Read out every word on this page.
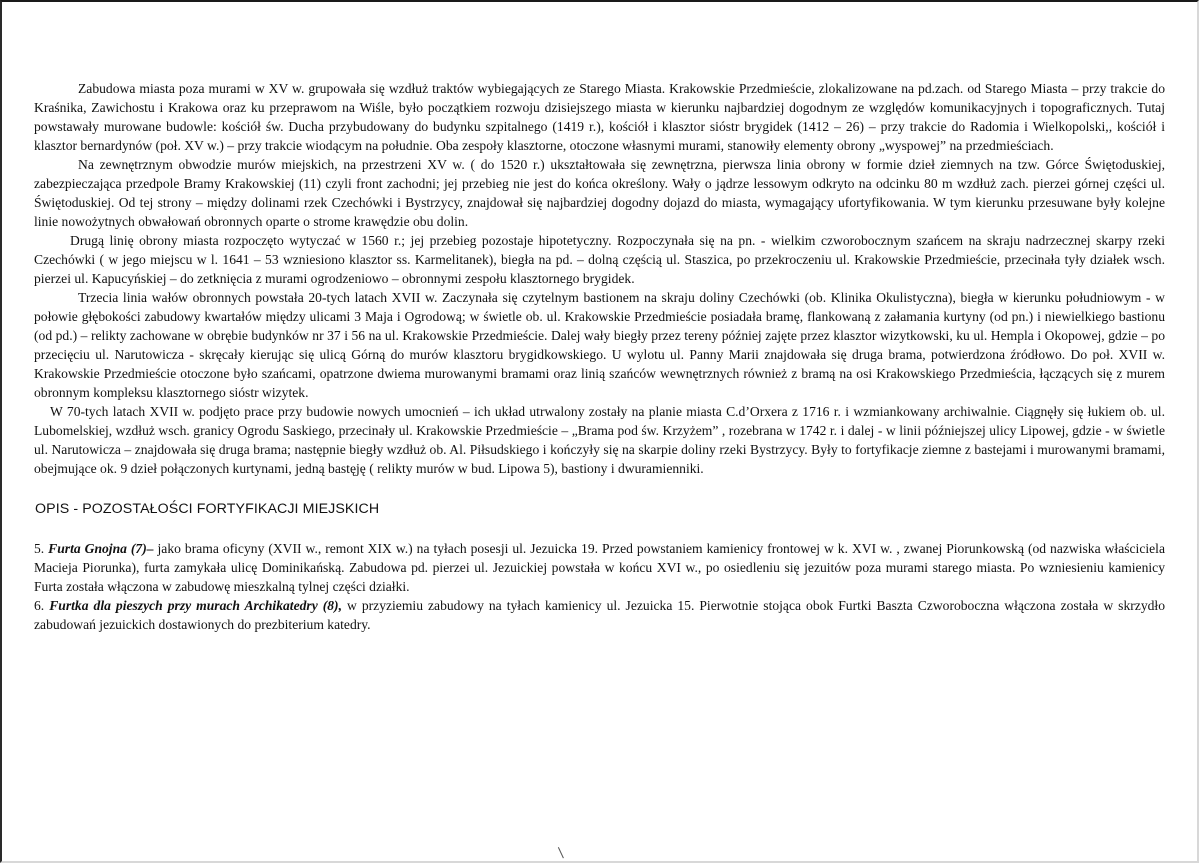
Zabudowa miasta poza murami w XV w. grupowała się wzdłuż traktów wybiegających ze Starego Miasta. Krakowskie Przedmieście, zlokalizowane na pd.zach. od Starego Miasta – przy trakcie do Kraśnika, Zawichostu i Krakowa oraz ku przeprawom na Wiśle, było początkiem rozwoju dzisiejszego miasta w kierunku najbardziej dogodnym ze względów komunikacyjnych i topograficznych. Tutaj powstawały murowane budowle: kościół św. Ducha przybudowany do budynku szpitalnego (1419 r.), kościół i klasztor sióstr brygidek (1412 – 26) – przy trakcie do Radomia i Wielkopolski,, kościół i klasztor bernardynów (poł. XV w.) – przy trakcie wiodącym na południe. Oba zespoły klasztorne, otoczone własnymi murami, stanowiły elementy obrony „wyspowej” na przedmieściach.

Na zewnętrznym obwodzie murów miejskich, na przestrzeni XV w. ( do 1520 r.) ukształtowała się zewnętrzna, pierwsza linia obrony w formie dzieł ziemnych na tzw. Górce Świętoduskiej, zabezpieczająca przedpole Bramy Krakowskiej (11) czyli front zachodni; jej przebieg nie jest do końca określony. Wały o jądrze lessowym odkryto na odcinku 80 m wzdłuż zach. pierzei górnej części ul. Świętoduskiej. Od tej strony – między dolinami rzek Czechówki i Bystrzycy, znajdował się najbardziej dogodny dojazd do miasta, wymagający ufortyfikowania. W tym kierunku przesuwane były kolejne linie nowożytnych obwałowań obronnych oparte o strome krawędzie obu dolin.

Drugą linię obrony miasta rozpoczęto wytyczać w 1560 r.; jej przebieg pozostaje hipotetyczny. Rozpoczynała się na pn. - wielkim czworobocznym szańcem na skraju nadrzecznej skarpy rzeki Czechówki ( w jego miejscu w l. 1641 – 53 wzniesiono klasztor ss. Karmelitanek), biegła na pd. – dolną częścią ul. Staszica, po przekroczeniu ul. Krakowskie Przedmieście, przecinała tyły działek wsch. pierzei ul. Kapucyńskiej – do zetknięcia z murami ogrodzeniowo – obronnymi zespołu klasztornego brygidek.

Trzecia linia wałów obronnych powstała 20-tych latach XVII w. Zaczynała się czytelnym bastionem na skraju doliny Czechówki (ob. Klinika Okulistyczna), biegła w kierunku południowym - w połowie głębokości zabudowy kwartałów między ulicami 3 Maja i Ogrodową; w świetle ob. ul. Krakowskie Przedmieście posiadała bramę, flankowaną z załamania kurtyny (od pn.) i niewielkiego bastionu (od pd.) – relikty zachowane w obrębie budynków nr 37 i 56 na ul. Krakowskie Przedmieście. Dalej wały biegły przez tereny później zajęte przez klasztor wizytkowski, ku ul. Hempla i Okopowej, gdzie – po przecięciu ul. Narutowicza - skręcały kierując się ulicą Górną do murów klasztoru brygidkowskiego. U wylotu ul. Panny Marii znajdowała się druga brama, potwierdzona źródłowo. Do poł. XVII w. Krakowskie Przedmieście otoczone było szańcami, opatrzone dwiema murowanymi bramami oraz linią szańców wewnętrznych również z bramą na osi Krakowskiego Przedmieścia, łączących się z murem obronnym kompleksu klasztornego sióstr wizytek.

W 70-tych latach XVII w. podjęto prace przy budowie nowych umocnień – ich układ utrwalony zostały na planie miasta C.d’Orxera z 1716 r. i wzmiankowany archiwalnie. Ciągnęły się łukiem ob. ul. Lubomelskiej, wzdłuż wsch. granicy Ogrodu Saskiego, przecinały ul. Krakowskie Przedmieście – „Brama pod św. Krzyżem” , rozebrana w 1742 r. i dalej - w linii późniejszej ulicy Lipowej, gdzie - w świetle ul. Narutowicza – znajdowała się druga brama; następnie biegły wzdłuż ob. Al. Piłsudskiego i kończyły się na skarpie doliny rzeki Bystrzycy. Były to fortyfikacje ziemne z bastejami i murowanymi bramami, obejmujące ok. 9 dzieł połączonych kurtynami, jedną bastęję ( relikty murów w bud. Lipowa 5), bastiony i dwuramienniki.

OPIS - POZOSTAŁOŚCI FORTYFIKACJI MIEJSKICH

5. Furta Gnojna (7)– jako brama oficyny (XVII w., remont XIX w.) na tyłach posesji ul. Jezuicka 19. Przed powstaniem kamienicy frontowej w k. XVI w. , zwanej Piorunkowską (od nazwiska właściciela Macieja Piorunka), furta zamykała ulicę Dominikańską. Zabudowa pd. pierzei ul. Jezuickiej powstała w końcu XVI w., po osiedleniu się jezuitów poza murami starego miasta. Po wzniesieniu kamienicy Furta została włączona w zabudowę mieszkalną tylnej części działki.

6. Furtka dla pieszych przy murach Archikatedry (8), w przyziemiu zabudowy na tyłach kamienicy ul. Jezuicka 15. Pierwotnie stojąca obok Furtki Baszta Czworoboczna włączona została w skrzydło zabudowań jezuickich dostawionych do prezbiterium katedry.
